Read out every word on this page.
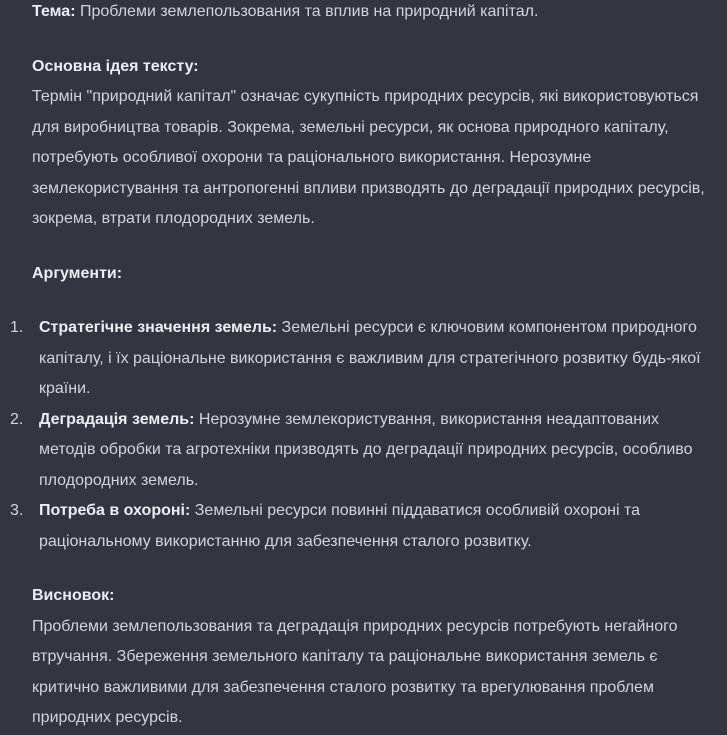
Тема: Проблеми землепользования та вплив на природний капітал.

Основна ідея тексту:

Термін "природний капітал" означає сукупність природних ресурсів, які використовуються для виробництва товарів. Зокрема, земельні ресурси, як основа природного капіталу, потребують особливої охорони та раціонального використання. Нерозумне землекористування та антропогенні впливи призводять до деградації природних ресурсів, зокрема, втрати плодородних земель.

Аргументи:

1. Стратегічне значення земель: Земельні ресурси є ключовим компонентом природного капіталу, і їх раціональне використання є важливим для стратегічного розвитку будь-якої країни.
2. Деградація земель: Нерозумне землекористування, використання неадаптованих методів обробки та агротехніки призводять до деградації природних ресурсів, особливо плодородних земель.
3. Потреба в охороні: Земельні ресурси повинні піддаватися особливій охороні та раціональному використанню для забезпечення сталого розвитку.

Висновок:

Проблеми землепользования та деградація природних ресурсів потребують негайного втручання. Збереження земельного капіталу та раціональне використання земель є критично важливими для забезпечення сталого розвитку та врегулювання проблем природних ресурсів.
